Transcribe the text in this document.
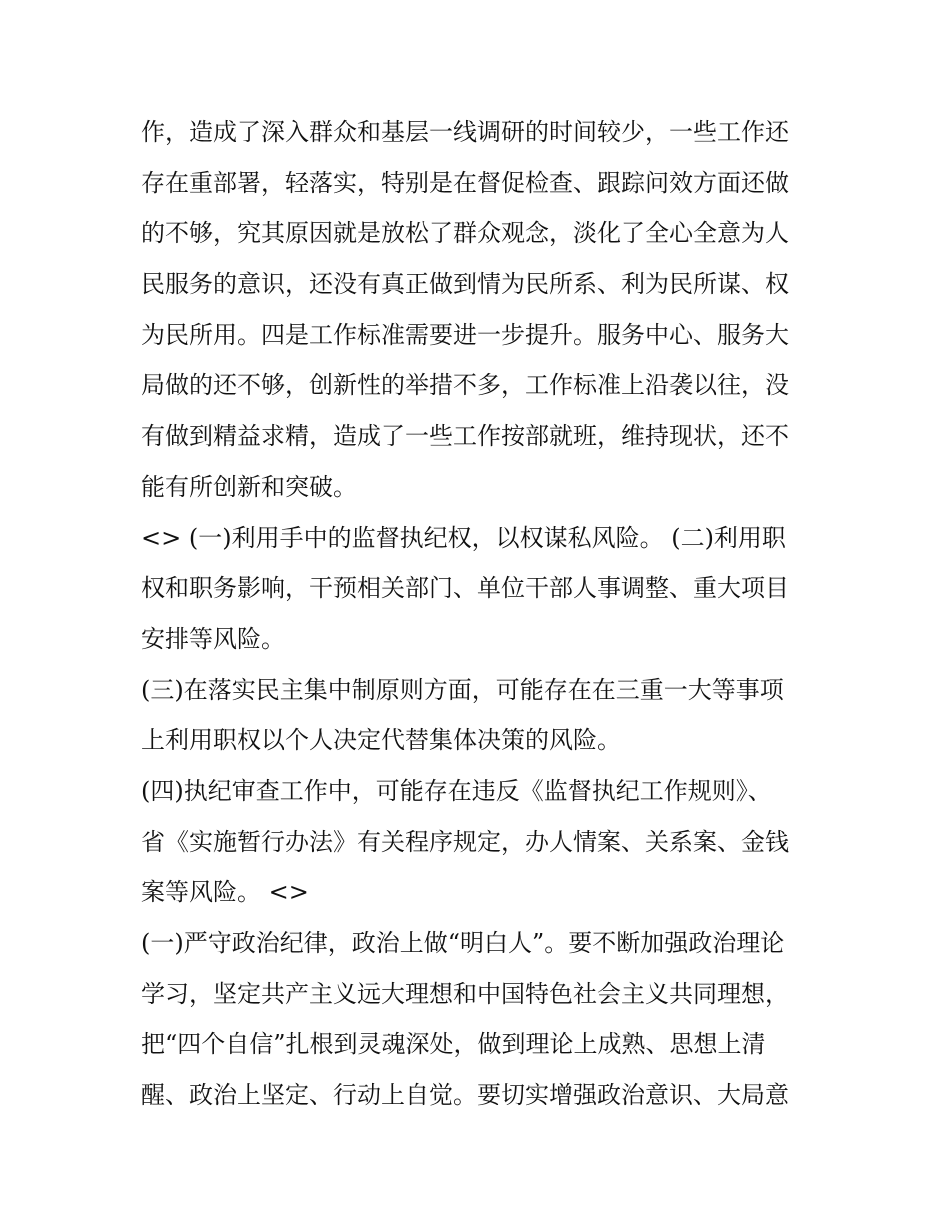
作，造成了深入群众和基层一线调研的时间较少，一些工作还
存在重部署，轻落实，特别是在督促检查、跟踪问效方面还做
的不够，究其原因就是放松了群众观念，淡化了全心全意为人
民服务的意识，还没有真正做到情为民所系、利为民所谋、权
为民所用。四是工作标准需要进一步提升。服务中心、服务大
局做的还不够，创新性的举措不多，工作标准上沿袭以往，没
有做到精益求精，造成了一些工作按部就班，维持现状，还不
能有所创新和突破。
<> (一)利用手中的监督执纪权，以权谋私风险。 (二)利用职
权和职务影响，干预相关部门、单位干部人事调整、重大项目
安排等风险。
(三)在落实民主集中制原则方面，可能存在在三重一大等事项
上利用职权以个人决定代替集体决策的风险。
(四)执纪审查工作中，可能存在违反《监督执纪工作规则》、
省《实施暂行办法》有关程序规定，办人情案、关系案、金钱
案等风险。 <>
(一)严守政治纪律，政治上做“明白人”。要不断加强政治理论
学习，坚定共产主义远大理想和中国特色社会主义共同理想，
把“四个自信”扎根到灵魂深处，做到理论上成熟、思想上清
醒、政治上坚定、行动上自觉。要切实增强政治意识、大局意
